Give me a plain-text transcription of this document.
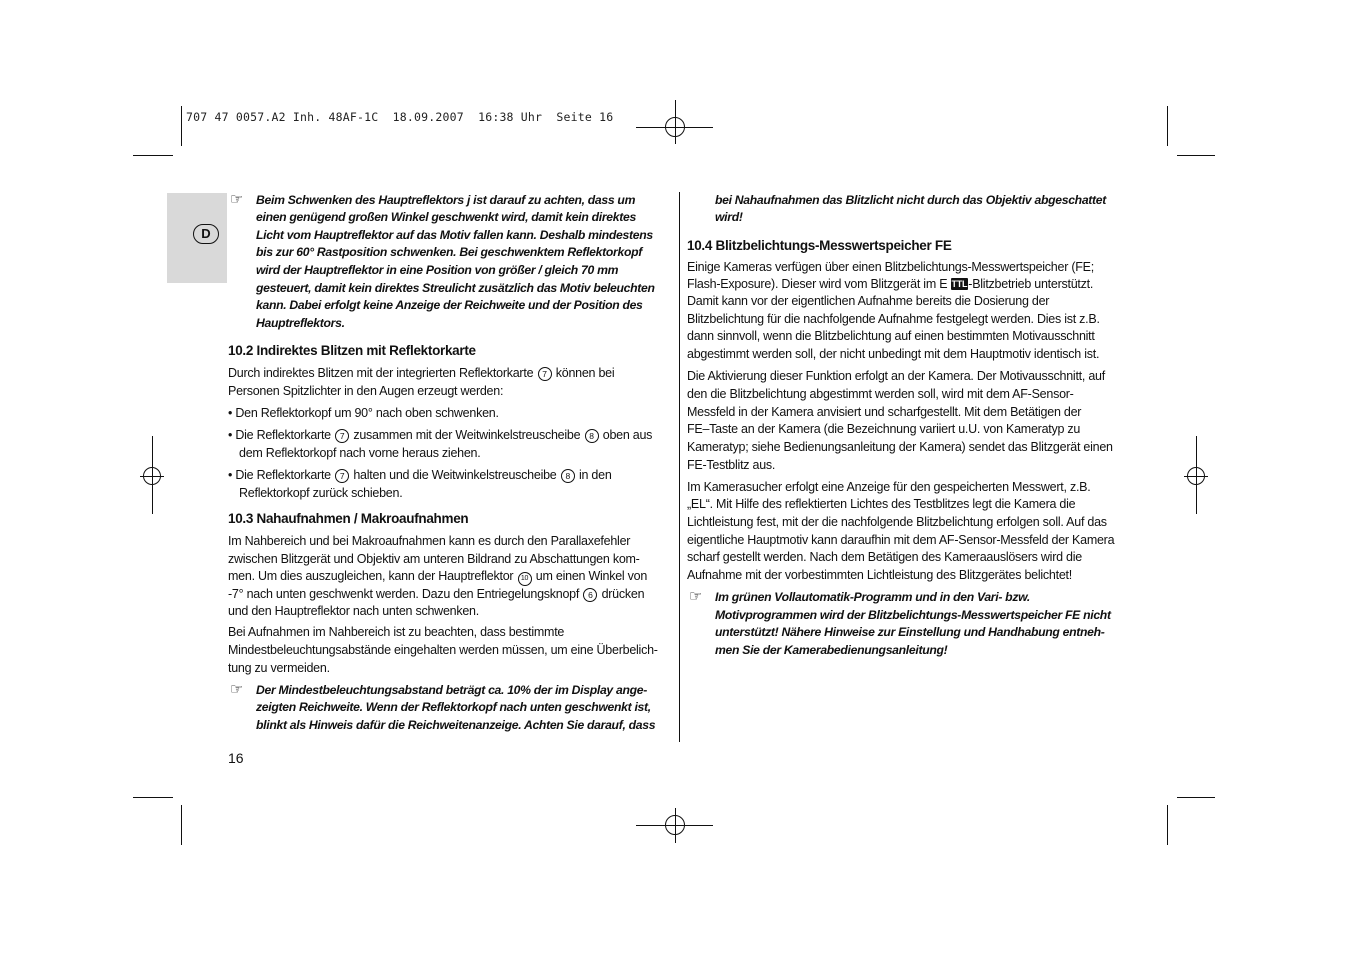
707 47 0057.A2 Inh. 48AF-1C  18.09.2007  16:38 Uhr  Seite 16
D
☞ Beim Schwenken des Hauptreflektors j ist darauf zu achten, dass um
einen genügend großen Winkel geschwenkt wird, damit kein direktes
Licht vom Hauptreflektor auf das Motiv fallen kann. Deshalb mindestens
bis zur 60° Rastposition schwenken. Bei geschwenktem Reflektorkopf
wird der Hauptreflektor in eine Position von größer / gleich 70 mm
gesteuert, damit kein direktes Streulicht zusätzlich das Motiv beleuchten
kann. Dabei erfolgt keine Anzeige der Reichweite und der Position des
Hauptreflektors.
10.2 Indirektes Blitzen mit Reflektorkarte
Durch indirektes Blitzen mit der integrierten Reflektorkarte 7 können bei
Personen Spitzlichter in den Augen erzeugt werden:
• Den Reflektorkopf um 90° nach oben schwenken.
• Die Reflektorkarte 7 zusammen mit der Weitwinkelstreuscheibe 8 oben aus
dem Reflektorkopf nach vorne heraus ziehen.
• Die Reflektorkarte 7 halten und die Weitwinkelstreuscheibe 8 in den
Reflektorkopf zurück schieben.
10.3 Nahaufnahmen / Makroaufnahmen
Im Nahbereich und bei Makroaufnahmen kann es durch den Parallaxefehler
zwischen Blitzgerät und Objektiv am unteren Bildrand zu Abschattungen kom-
men. Um dies auszugleichen, kann der Hauptreflektor 10 um einen Winkel von
-7° nach unten geschwenkt werden. Dazu den Entriegelungsknopf 6 drücken
und den Hauptreflektor nach unten schwenken.
Bei Aufnahmen im Nahbereich ist zu beachten, dass bestimmte
Mindestbeleuchtungsabstände eingehalten werden müssen, um eine Überbelich-
tung zu vermeiden.
☞ Der Mindestbeleuchtungsabstand beträgt ca. 10% der im Display ange-
zeigten Reichweite. Wenn der Reflektorkopf nach unten geschwenkt ist,
blinkt als Hinweis dafür die Reichweitenanzeige. Achten Sie darauf, dass
16
bei Nahaufnahmen das Blitzlicht nicht durch das Objektiv abgeschattet
wird!
10.4 Blitzbelichtungs-Messwertspeicher FE
Einige Kameras verfügen über einen Blitzbelichtungs-Messwertspeicher (FE;
Flash-Exposure). Dieser wird vom Blitzgerät im E TTL-Blitzbetrieb unterstützt.
Damit kann vor der eigentlichen Aufnahme bereits die Dosierung der
Blitzbelichtung für die nachfolgende Aufnahme festgelegt werden. Dies ist z.B.
dann sinnvoll, wenn die Blitzbelichtung auf einen bestimmten Motivausschnitt
abgestimmt werden soll, der nicht unbedingt mit dem Hauptmotiv identisch ist.
Die Aktivierung dieser Funktion erfolgt an der Kamera. Der Motivausschnitt, auf
den die Blitzbelichtung abgestimmt werden soll, wird mit dem AF-Sensor-
Messfeld in der Kamera anvisiert und scharfgestellt. Mit dem Betätigen der
FE–Taste an der Kamera (die Bezeichnung variiert u.U. von Kameratyp zu
Kameratyp; siehe Bedienungsanleitung der Kamera) sendet das Blitzgerät einen
FE-Testblitz aus.
Im Kamerasucher erfolgt eine Anzeige für den gespeicherten Messwert, z.B.
„EL“. Mit Hilfe des reflektierten Lichtes des Testblitzes legt die Kamera die
Lichtleistung fest, mit der die nachfolgende Blitzbelichtung erfolgen soll. Auf das
eigentliche Hauptmotiv kann daraufhin mit dem AF-Sensor-Messfeld der Kamera
scharf gestellt werden. Nach dem Betätigen des Kameraauslösers wird die
Aufnahme mit der vorbestimmten Lichtleistung des Blitzgerätes belichtet!
☞ Im grünen Vollautomatik-Programm und in den Vari- bzw.
Motivprogrammen wird der Blitzbelichtungs-Messwertspeicher FE nicht
unterstützt! Nähere Hinweise zur Einstellung und Handhabung entneh-
men Sie der Kamerabedienungsanleitung!
